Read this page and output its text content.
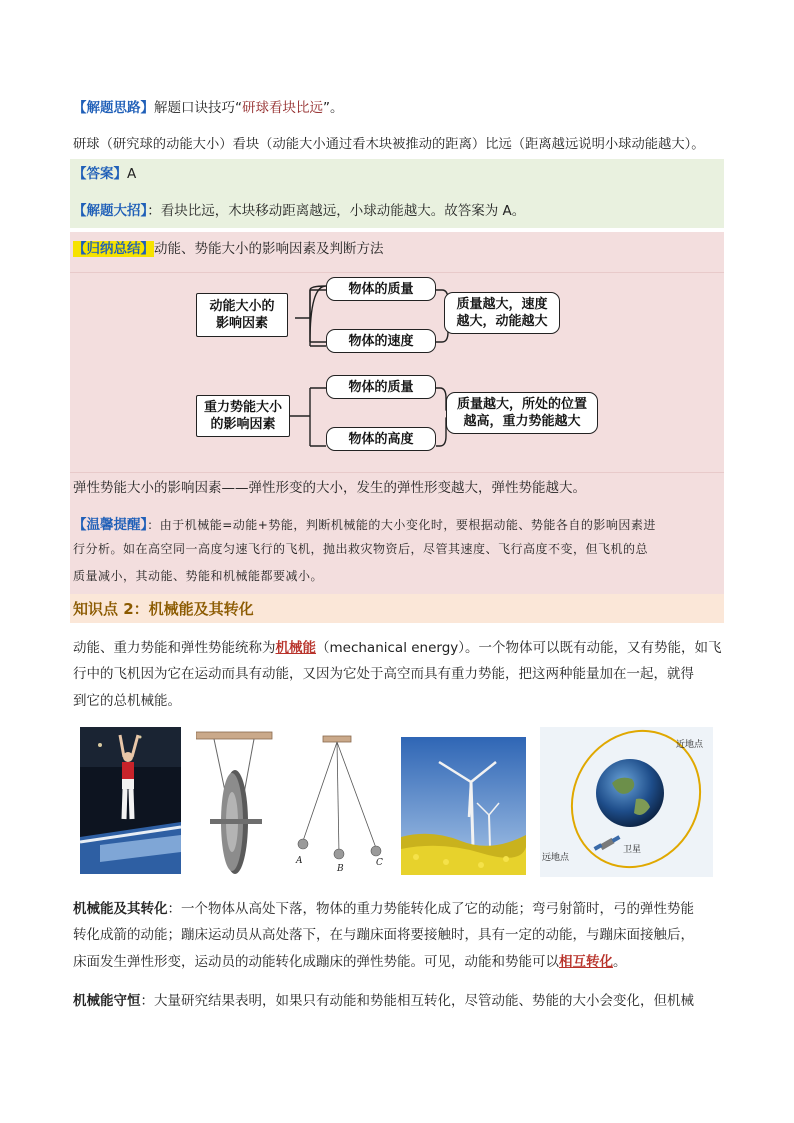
【解题思路】解题口诀技巧“研球看块比远”。
研球（研究球的动能大小）看块（动能大小通过看木块被推动的距离）比远（距离越远说明小球动能越大）。
【答案】A
【解题大招】：看块比远，木块移动距离越远，小球动能越大。故答案为 A。
【归纳总结】动能、势能大小的影响因素及判断方法
动能大小的影响因素
物体的质量
物体的速度
质量越大，速度越大，动能越大
重力势能大小的影响因素
物体的质量
物体的高度
质量越大，所处的位置越高，重力势能越大
弹性势能大小的影响因素——弹性形变的大小，发生的弹性形变越大，弹性势能越大。
【温馨提醒】：由于机械能=动能+势能，判断机械能的大小变化时，要根据动能、势能各自的影响因素进
行分析。如在高空同一高度匀速飞行的飞机，抛出救灾物资后，尽管其速度、飞行高度不变，但飞机的总
质量减小，其动能、势能和机械能都要减小。
知识点 2：机械能及其转化
动能、重力势能和弹性势能统称为机械能（mechanical energy）。一个物体可以既有动能，又有势能，如飞
行中的飞机因为它在运动而具有动能，又因为它处于高空而具有重力势能，把这两种能量加在一起，就得
到它的总机械能。
A
B
C
近地点
远地点
卫星
机械能及其转化：一个物体从高处下落，物体的重力势能转化成了它的动能；弯弓射箭时，弓的弹性势能
转化成箭的动能；蹦床运动员从高处落下，在与蹦床面将要接触时，具有一定的动能，与蹦床面接触后，
床面发生弹性形变，运动员的动能转化成蹦床的弹性势能。可见，动能和势能可以相互转化。
机械能守恒：大量研究结果表明，如果只有动能和势能相互转化，尽管动能、势能的大小会变化，但机械
